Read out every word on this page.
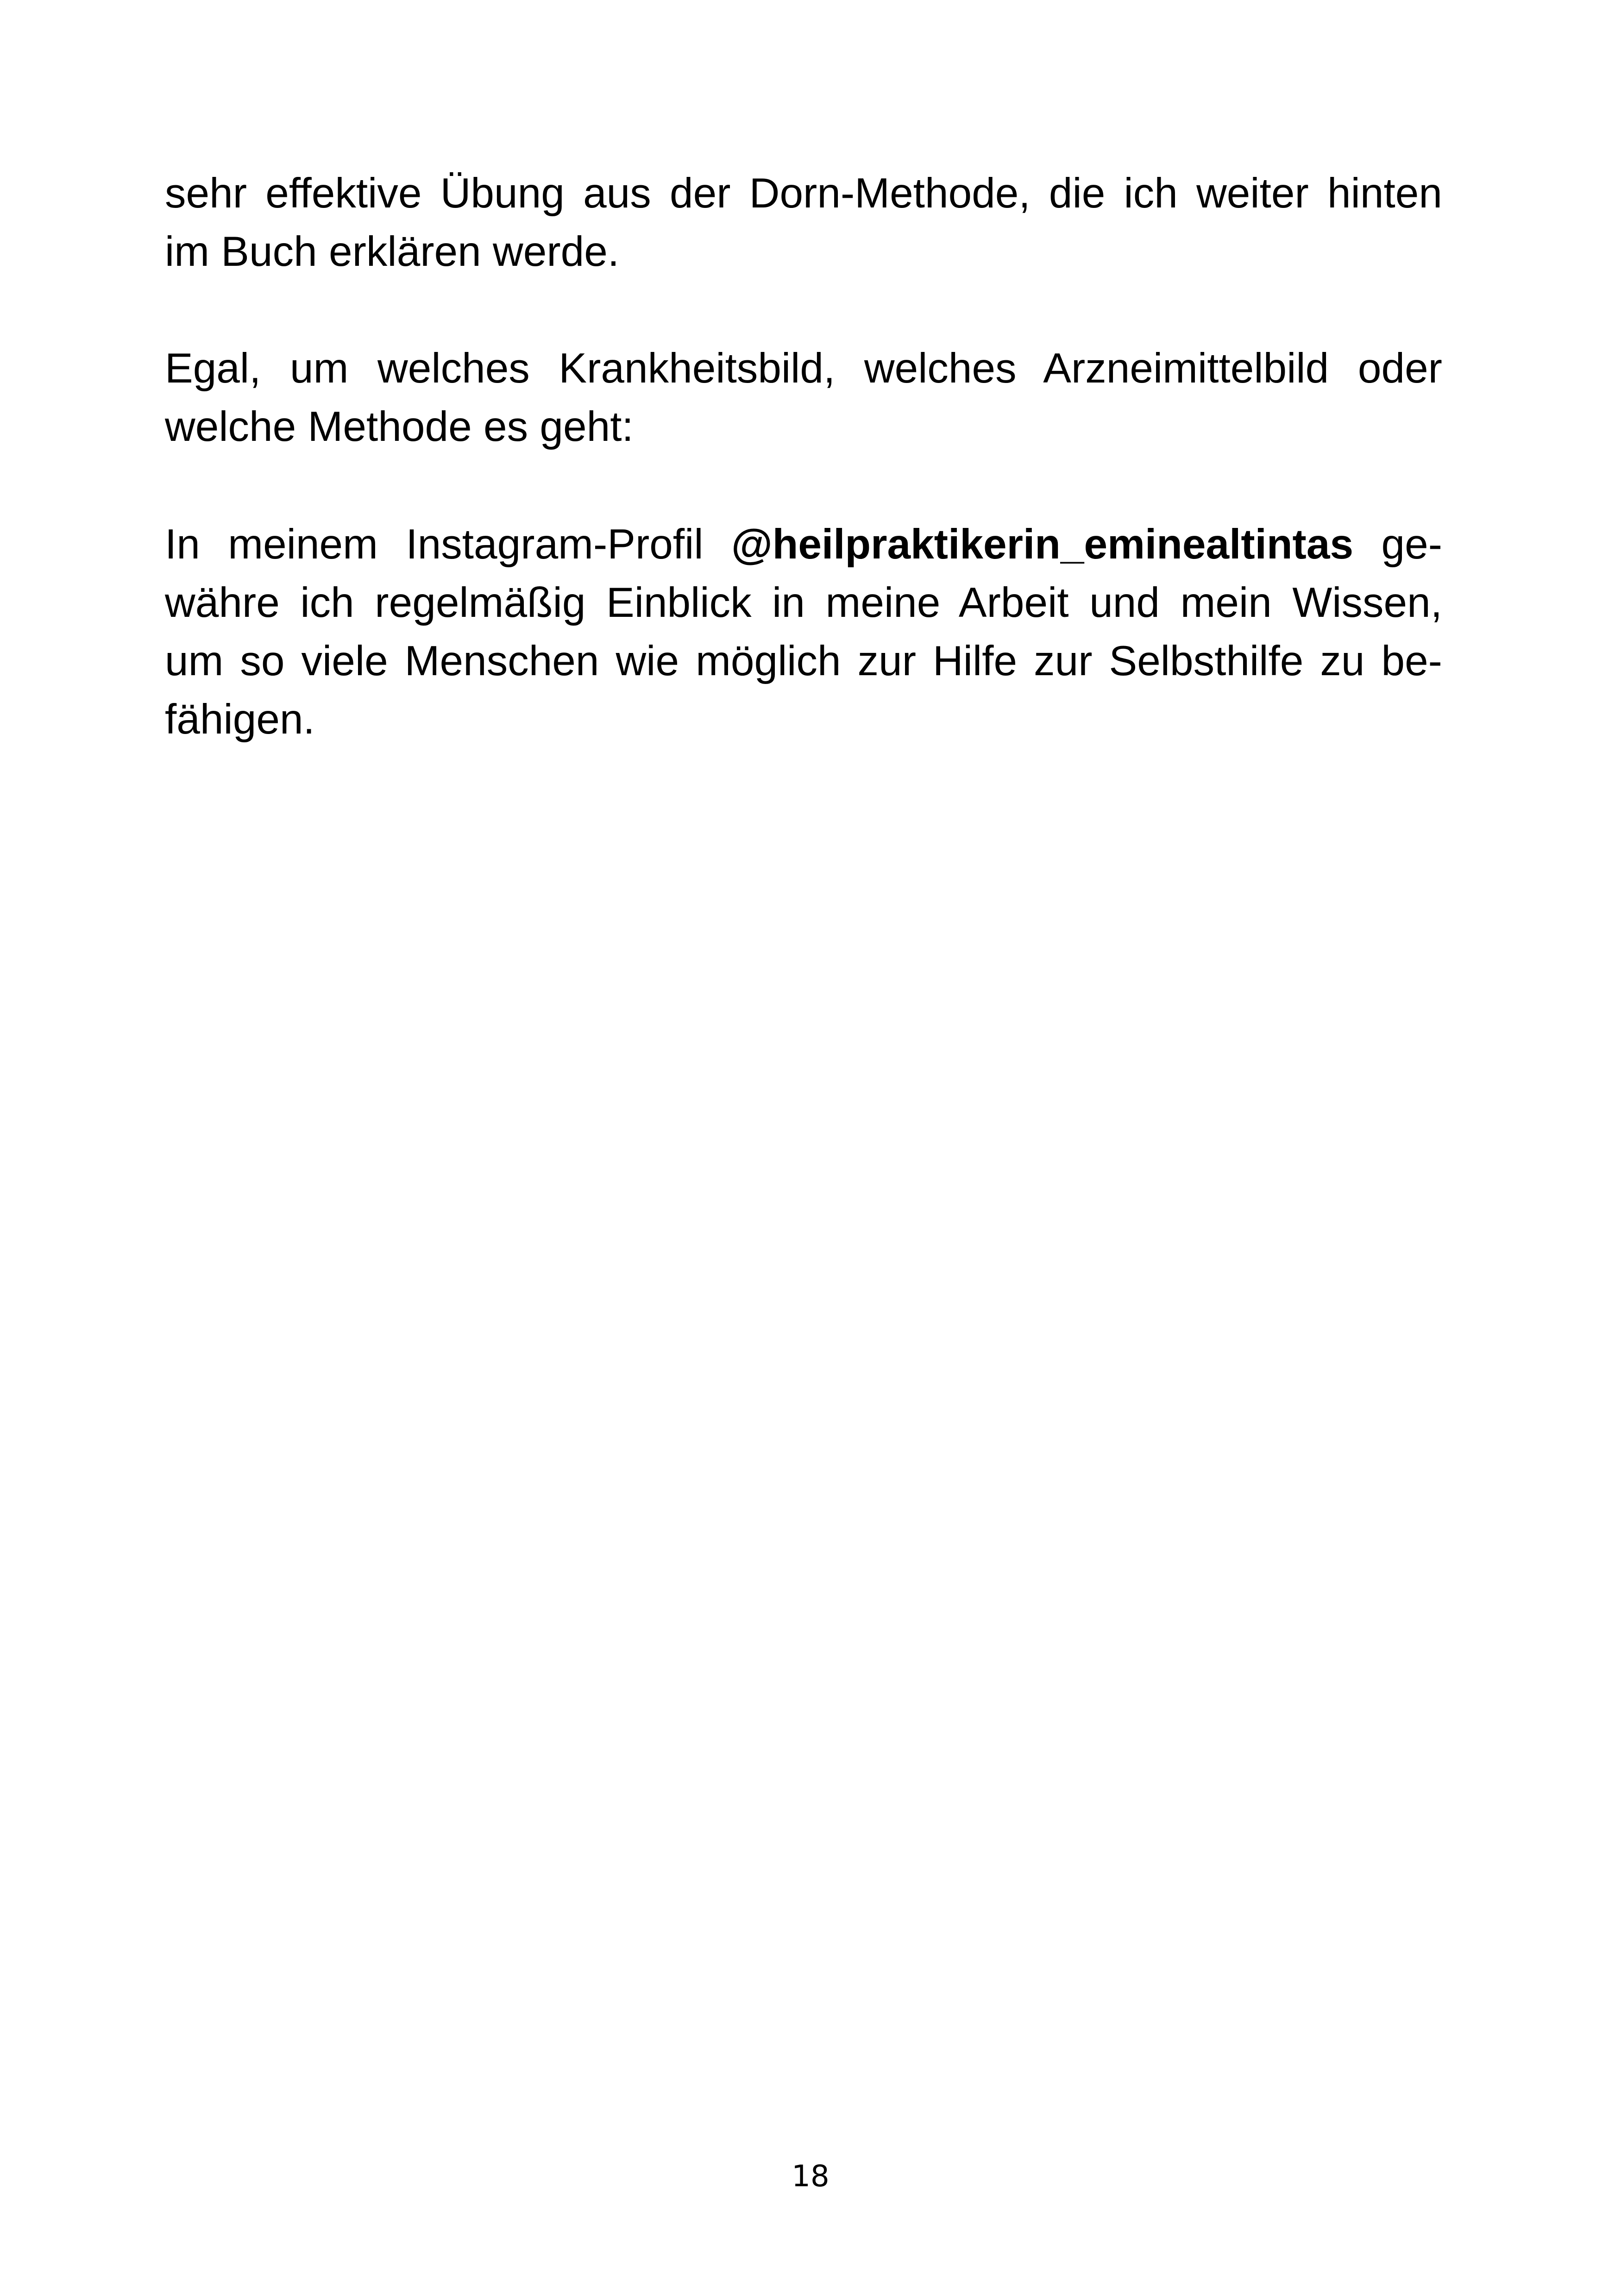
sehr effektive Übung aus der Dorn-Methode, die ich weiter hinten
im Buch erklären werde.

Egal, um welches Krankheitsbild, welches Arzneimittelbild oder
welche Methode es geht:

In meinem Instagram-Profil @heilpraktikerin_eminealtintas ge-
währe ich regelmäßig Einblick in meine Arbeit und mein Wissen,
um so viele Menschen wie möglich zur Hilfe zur Selbsthilfe zu be-
fähigen.

18
